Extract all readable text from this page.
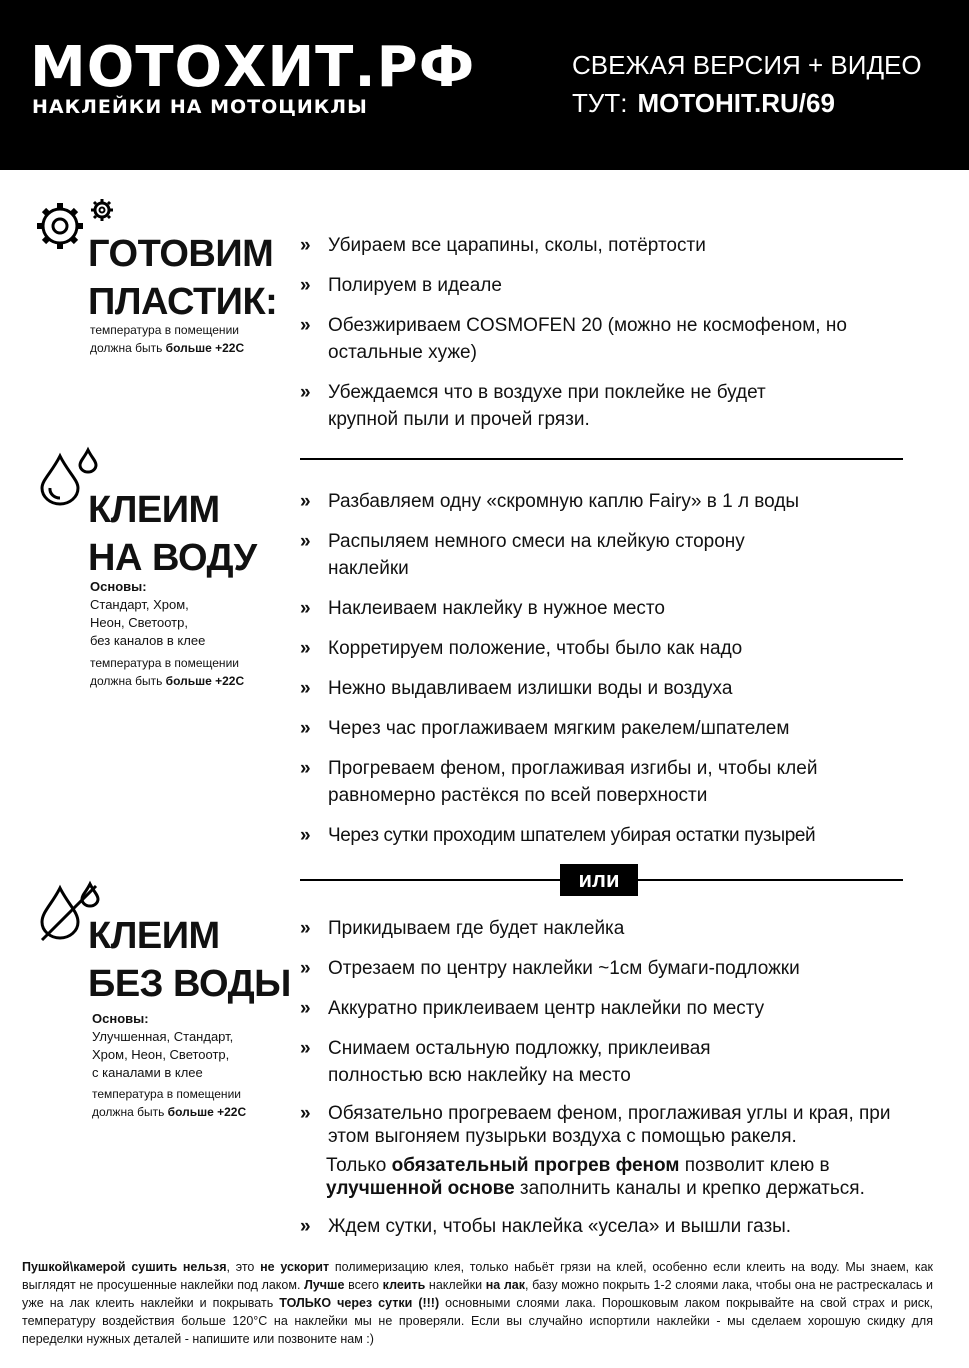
МОТОХИТ.РФ
НАКЛЕЙКИ НА МОТОЦИКЛЫ
СВЕЖАЯ ВЕРСИЯ + ВИДЕО
ТУТ: MOTOHIT.RU/69
ГОТОВИМ
ПЛАСТИК:
температура в помещении
должна быть больше +22С
» Убираем все царапины, сколы, потёртости
» Полируем в идеале
» Обезжириваем COSMOFEN 20 (можно не космофеном, но остальные хуже)
» Убеждаемся что в воздухе при поклейке не будет крупной пыли и прочей грязи.
КЛЕИМ
НА ВОДУ
Основы:
Стандарт, Хром,
Неон, Светоотр,
без каналов в клее
температура в помещении
должна быть больше +22С
» Разбавляем одну «скромную каплю Fairy» в 1 л воды
» Распыляем немного смеси на клейкую сторону наклейки
» Наклеиваем наклейку в нужное место
» Корретируем положение, чтобы было как надо
» Нежно выдавливаем излишки воды и воздуха
» Через час проглаживаем мягким ракелем/шпателем
» Прогреваем феном, проглаживая изгибы и, чтобы клей равномерно растёкся по всей поверхности
» Через сутки проходим шпателем убирая остатки пузырей
или
КЛЕИМ
БЕЗ ВОДЫ
Основы:
Улучшенная, Стандарт,
Хром, Неон, Светоотр,
с каналами в клее
температура в помещении
должна быть больше +22С
» Прикидываем где будет наклейка
» Отрезаем по центру наклейки ~1см бумаги-подложки
» Аккуратно приклеиваем центр наклейки по месту
» Снимаем остальную подложку, приклеивая полностью всю наклейку на место
» Обязательно прогреваем феном, проглаживая углы и края, при этом выгоняем пузырьки воздуха с помощью ракеля.
Только обязательный прогрев феном позволит клею в улучшенной основе заполнить каналы и крепко держаться.
» Ждем сутки, чтобы наклейка «усела» и вышли газы.
Пушкой\камерой сушить нельзя, это не ускорит полимеризацию клея, только набьёт грязи на клей, особенно если клеить на воду. Мы знаем, как выглядят не просушенные наклейки под лаком. Лучше всего клеить наклейки на лак, базу можно покрыть 1-2 слоями лака, чтобы она не растрескалась и уже на лак клеить наклейки и покрывать ТОЛЬКО через сутки (!!!) основными слоями лака. Порошковым лаком покрывайте на свой страх и риск, температуру воздействия больше 120°С на наклейки мы не проверяли. Если вы случайно испортили наклейки - мы сделаем хорошую скидку для переделки нужных деталей - напишите или позвоните нам :)
